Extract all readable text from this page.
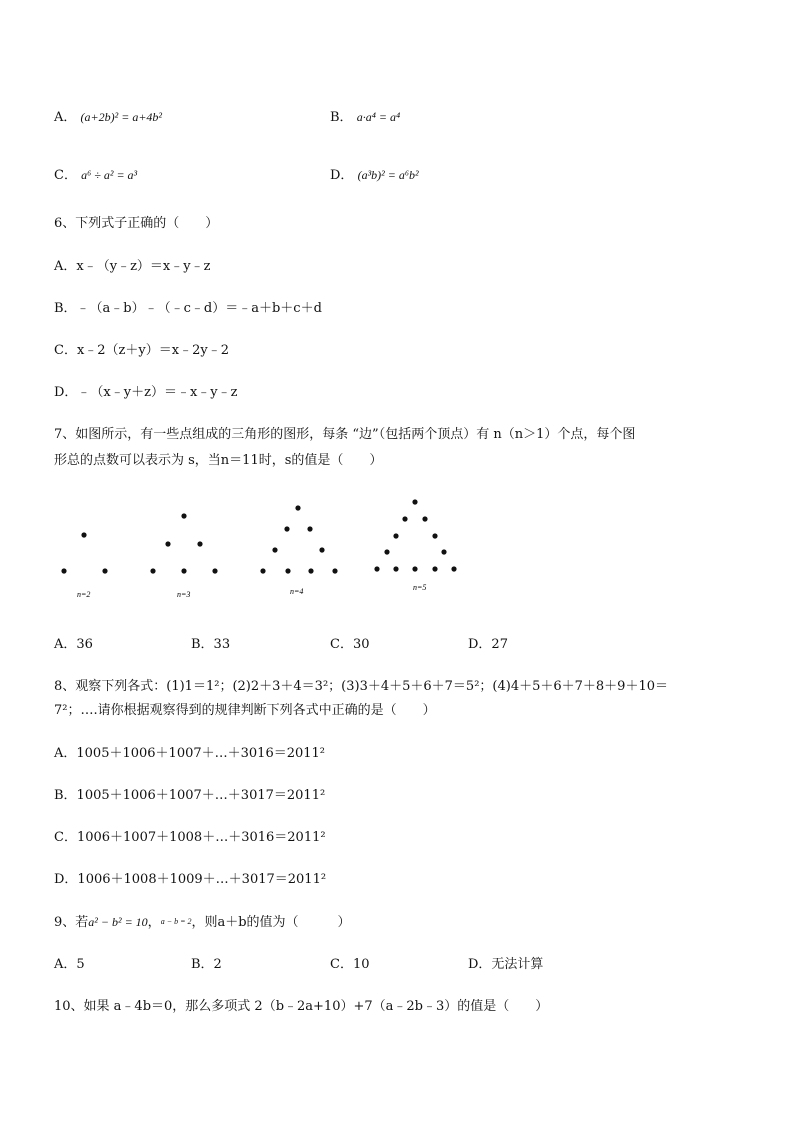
A． (a+2b)² = a+4b²	B． a·a⁴ = a⁴
C． a⁶ ÷ a² = a³	D． (a³b)² = a⁶b²
6、下列式子正确的（　　）
A．x﹣（y﹣z）＝x﹣y﹣z
B．﹣（a﹣b）﹣（﹣c﹣d）＝﹣a＋b＋c＋d
C．x﹣2（z＋y）＝x﹣2y﹣2
D．﹣（x﹣y＋z）＝﹣x﹣y﹣z
7、如图所示，有一些点组成的三角形的图形，每条 “边”（包括两个顶点）有 n（n＞1）个点，每个图
形总的点数可以表示为 s，当n＝11时，s的值是（　　）
n=2	n=3	n=4	n=5
A．36	B．33	C．30	D．27
8、观察下列各式：(1)1＝1²；(2)2＋3＋4＝3²；(3)3＋4＋5＋6＋7＝5²；(4)4＋5＋6＋7＋8＋9＋10＝
7²；….请你根据观察得到的规律判断下列各式中正确的是（　　）
A．1005＋1006＋1007＋…＋3016＝2011²
B．1005＋1006＋1007＋…＋3017＝2011²
C．1006＋1007＋1008＋…＋3016＝2011²
D．1006＋1008＋1009＋…＋3017＝2011²
9、若a² − b² = 10，a − b = 2，则a＋b的值为（　　　）
A．5	B．2	C．10	D．无法计算
10、如果 a﹣4b＝0，那么多项式 2（b﹣2a+10）+7（a﹣2b﹣3）的值是（　　）
